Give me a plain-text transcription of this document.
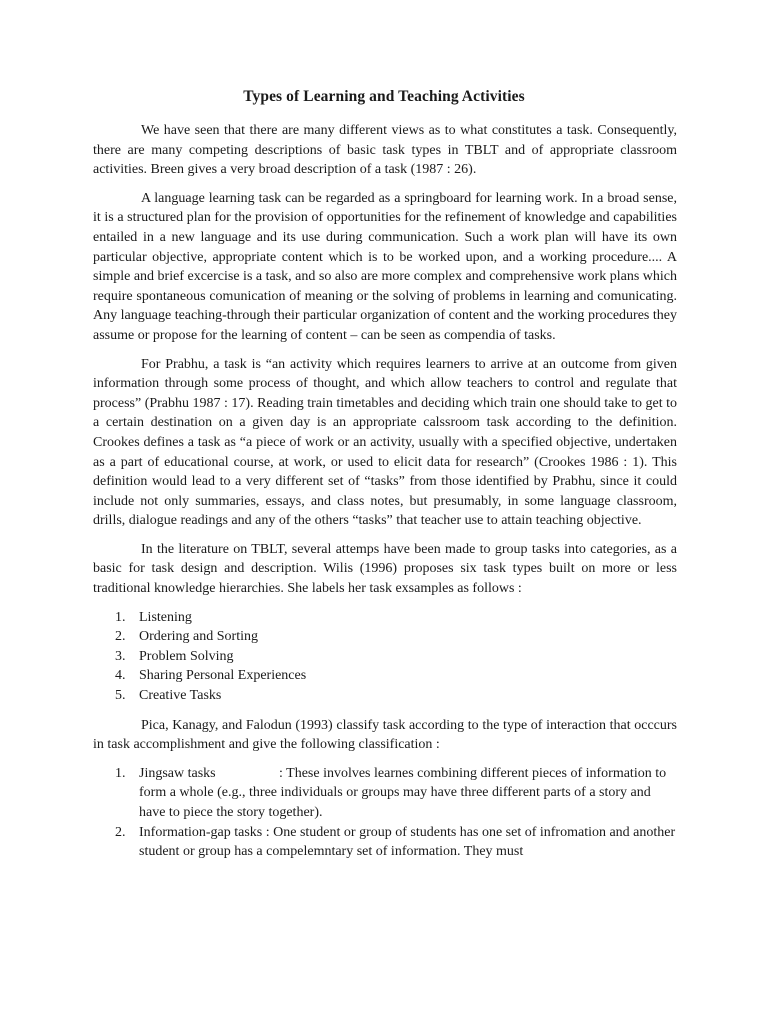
Types of Learning and Teaching Activities

We have seen that there are many different views as to what constitutes a task. Consequently, there are many competing descriptions of basic task types in TBLT and of appropriate classroom activities. Breen gives a very broad description of a task (1987 : 26).

A language learning task can be regarded as a springboard for learning work. In a broad sense, it is a structured plan for the provision of opportunities for the refinement of knowledge and capabilities entailed in a new language and its use during communication. Such a work plan will have its own particular objective, appropriate content which is to be worked upon, and a working procedure.... A simple and brief excercise is a task, and so also are more complex and comprehensive work plans which require spontaneous comunication of meaning or the solving of problems in learning and comunicating. Any language teaching-through their particular organization of content and the working procedures they assume or propose for the learning of content – can be seen as compendia of tasks.

For Prabhu, a task is “an activity which requires learners to arrive at an outcome from given information through some process of thought, and which allow teachers to control and regulate that process” (Prabhu 1987 : 17). Reading train timetables and deciding which train one should take to get to a certain destination on a given day is an appropriate calssroom task according to the definition. Crookes defines a task as “a piece of work or an activity, usually with a specified objective, undertaken as a part of educational course, at work, or used to elicit data for research” (Crookes 1986 : 1). This definition would lead to a very different set of “tasks” from those identified by Prabhu, since it could include not only summaries, essays, and class notes, but presumably, in some language classroom, drills, dialogue readings and any of the others “tasks” that teacher use to attain teaching objective.

In the literature on TBLT, several attemps have been made to group tasks into categories, as a basic for task design and description. Wilis (1996) proposes six task types built on more or less traditional knowledge hierarchies. She labels her task exsamples as follows :

1. Listening
2. Ordering and Sorting
3. Problem Solving
4. Sharing Personal Experiences
5. Creative Tasks

Pica, Kanagy, and Falodun (1993) classify task according to the type of interaction that occcurs in task accomplishment and give the following classification :

1. Jingsaw tasks	: These involves learnes combining different pieces of information to form a whole (e.g., three individuals or groups may have three different parts of a story and have to piece the story together).
2. Information-gap tasks : One student or group of students has one set of infromation and another student or group has a compelemntary set of information. They must
